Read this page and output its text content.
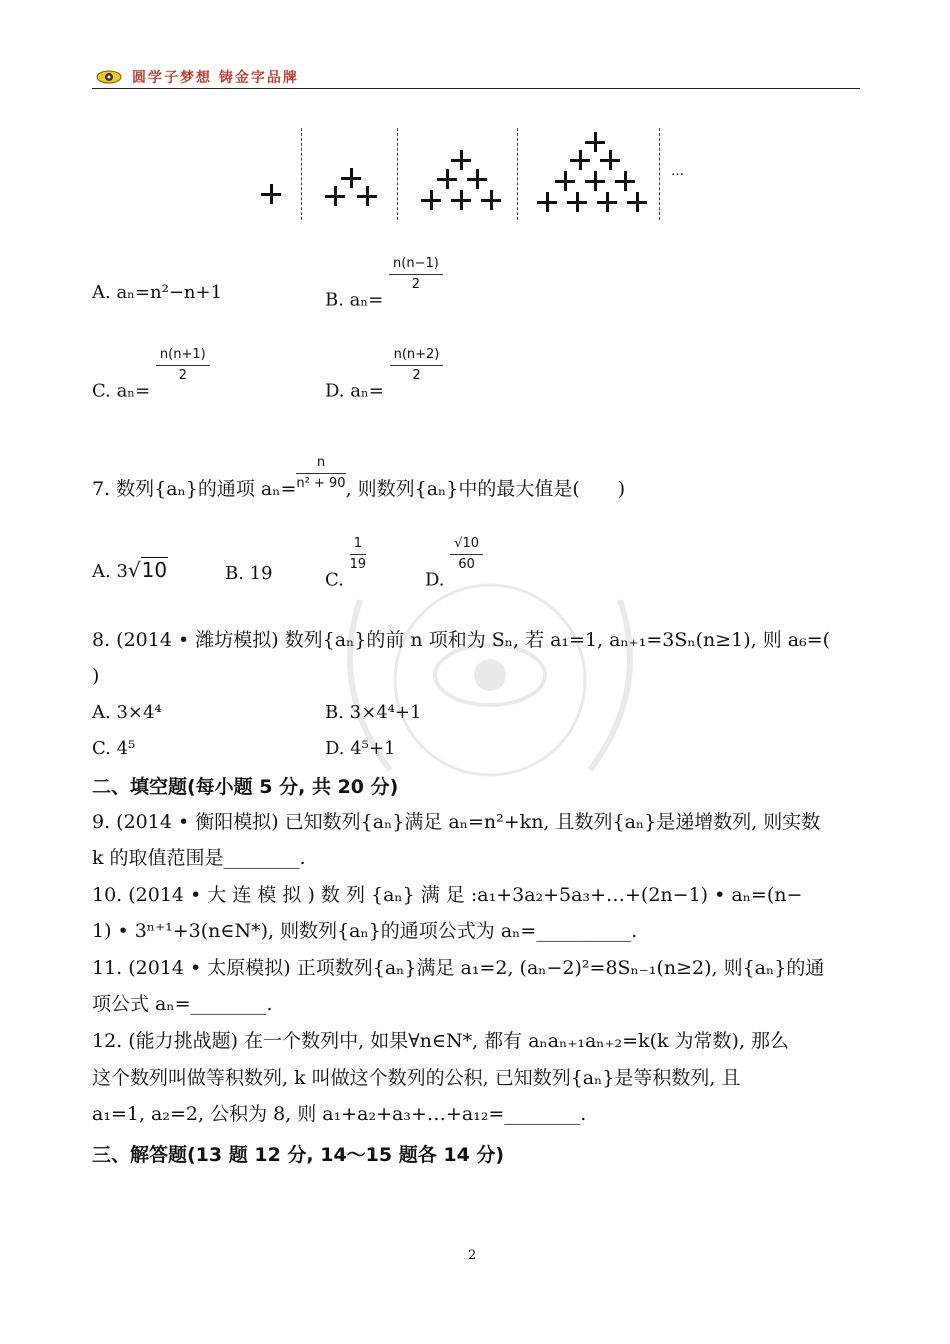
圆学子梦想 铸金字品牌
…
A. aₙ=n²−n+1	B. aₙ=
$\frac{n(n-1)}{2}$
C. aₙ=
$\frac{n(n+1)}{2}$
D. aₙ=
$\frac{n(n+2)}{2}$
7. 数列{aₙ}的通项 $a_n= \frac{n}{\text{n² + 90}}$ , 则数列{aₙ}中的最大值是(　　)
A. 3√10	B. 19	C.
$\frac{1}{19}$
D.
$\frac{√10}{60}$
8. (2014 • 潍坊模拟) 数列{aₙ}的前 n 项和为 Sₙ, 若 a₁=1, aₙ₊₁=3Sₙ(n≥1), 则 a₆=(
)
A. 3×4⁴	B. 3×4⁴+1
C. 4⁵	D. 4⁵+1
二、填空题(每小题 5 分, 共 20 分)
9. (2014 • 衡阳模拟) 已知数列{aₙ}满足 aₙ=n²+kn, 且数列{aₙ}是递增数列, 则实数
k 的取值范围是________.
10. (2014 • 大 连 模 拟 ) 数 列 {aₙ} 满 足 :a₁+3a₂+5a₃+…+(2n−1) • aₙ=(n−
1) • 3ⁿ⁺¹+3(n∈N*), 则数列{aₙ}的通项公式为 aₙ=__________.
11. (2014 • 太原模拟) 正项数列{aₙ}满足 a₁=2, (aₙ−2)²=8Sₙ₋₁(n≥2), 则{aₙ}的通
项公式 aₙ=________.
12. (能力挑战题) 在一个数列中, 如果∀n∈N*, 都有 aₙaₙ₊₁aₙ₊₂=k(k 为常数), 那么
这个数列叫做等积数列, k 叫做这个数列的公积, 已知数列{aₙ}是等积数列, 且
a₁=1, a₂=2, 公积为 8, 则 a₁+a₂+a₃+…+a₁₂=________.
三、解答题(13 题 12 分, 14～15 题各 14 分)
2
